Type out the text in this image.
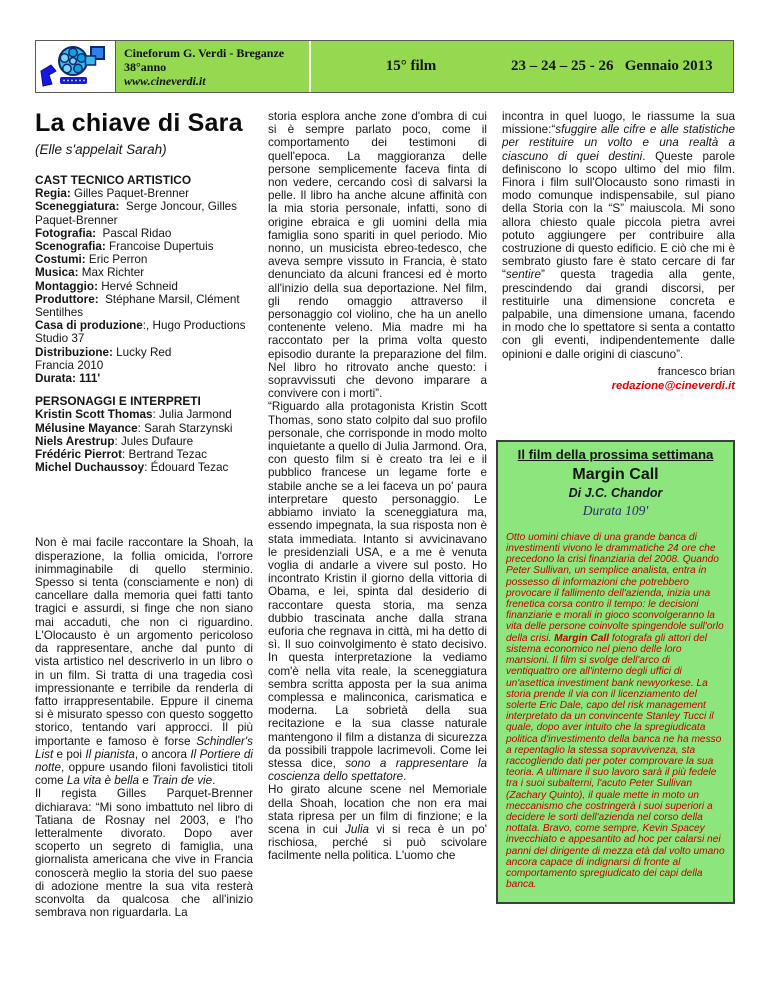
Cineforum G. Verdi - Breganze
38°anno
www.cineverdi.it
15° film	23 – 24 – 25 - 26   Gennaio 2013
La chiave di Sara
(Elle s'appelait Sarah)
CAST TECNICO ARTISTICO
Regia: Gilles Paquet-Brenner
Sceneggiatura:  Serge Joncour, Gilles Paquet-Brenner
Fotografia:  Pascal Ridao
Scenografia: Francoise Dupertuis
Costumi: Eric Perron
Musica: Max Richter
Montaggio: Hervé Schneid
Produttore:  Stéphane Marsil, Clément Sentilhes
Casa di produzione:, Hugo Productions Studio 37
Distribuzione: Lucky Red
Francia 2010
Durata: 111'
PERSONAGGI E INTERPRETI
Kristin Scott Thomas: Julia Jarmond
Mélusine Mayance: Sarah Starzynski
Niels Arestrup: Jules Dufaure
Frédéric Pierrot: Bertrand Tezac
Michel Duchaussoy: Édouard Tezac

Non è mai facile raccontare la Shoah, la disperazione, la follia omicida, l'orrore inimmaginabile di quello sterminio. Spesso si tenta (consciamente e non) di cancellare dalla memoria quei fatti tanto tragici e assurdi, si finge che non siano mai accaduti, che non ci riguardino. L'Olocausto è un argomento pericoloso da rappresentare, anche dal punto di vista artistico nel descriverlo in un libro o in un film. Si tratta di una tragedia così impressionante e terribile da renderla di fatto irrappresentabile. Eppure il cinema si è misurato spesso con questo soggetto storico, tentando vari approcci. Il più importante e famoso è forse Schindler's List e poi Il pianista, o ancora Il Portiere di notte, oppure usando filoni favolistici titoli come La vita è bella e Train de vie.

Il regista Gilles Parquet-Brenner dichiarava: “Mi sono imbattuto nel libro di Tatiana de Rosnay nel 2003, e l'ho letteralmente divorato. Dopo aver scoperto un segreto di famiglia, una giornalista americana che vive in Francia conoscerà meglio la storia del suo paese di adozione mentre la sua vita resterà sconvolta da qualcosa che all'inizio sembrava non riguardarla. La

storia esplora anche zone d'ombra di cui si è sempre parlato poco, come il comportamento dei testimoni di quell'epoca. La maggioranza delle persone semplicemente faceva finta di non vedere, cercando così di salvarsi la pelle. Il libro ha anche alcune affinità con la mia storia personale, infatti, sono di origine ebraica e gli uomini della mia famiglia sono spariti in quel periodo. Mio nonno, un musicista ebreo-tedesco, che aveva sempre vissuto in Francia, è stato denunciato da alcuni francesi ed è morto all'inizio della sua deportazione. Nel film, gli rendo omaggio attraverso il personaggio col violino, che ha un anello contenente veleno. Mia madre mi ha raccontato per la prima volta questo episodio durante la preparazione del film. Nel libro ho ritrovato anche questo: i sopravvissuti che devono imparare a convivere con i morti”.

“Riguardo alla protagonista Kristin Scott Thomas, sono stato colpito dal suo profilo personale, che corrisponde in modo molto inquietante a quello di Julia Jarmond. Ora, con questo film si è creato tra lei e il pubblico francese un legame forte e stabile anche se a lei faceva un po' paura interpretare questo personaggio. Le abbiamo inviato la sceneggiatura ma, essendo impegnata, la sua risposta non è stata immediata. Intanto si avvicinavano le presidenziali USA, e a me è venuta voglia di andarle a vivere sul posto. Ho incontrato Kristin il giorno della vittoria di Obama, e lei, spinta dal desiderio di raccontare questa storia, ma senza dubbio trascinata anche dalla strana euforia che regnava in città, mi ha detto di sì. Il suo coinvolgimento è stato decisivo. In questa interpretazione la vediamo com'è nella vita reale, la sceneggiatura sembra scritta apposta per la sua anima complessa e malinconica, carismatica e moderna. La sobrietà della sua recitazione e la sua classe naturale mantengono il film a distanza di sicurezza da possibili trappole lacrimevoli. Come lei stessa dice, sono a rappresentare la coscienza dello spettatore.

Ho girato alcune scene nel Memoriale della Shoah, location che non era mai stata ripresa per un film di finzione; e la scena in cui Julia vi si reca è un po' rischiosa, perché si può scivolare facilmente nella politica. L'uomo che

incontra in quel luogo, le riassume la sua missione:“sfuggire alle cifre e alle statistiche per restituire un volto e una realtà a ciascuno di quei destini. Queste parole definiscono lo scopo ultimo del mio film. Finora i film sull'Olocausto sono rimasti in modo comunque indispensabile, sul piano della Storia con la “S” maiuscola. Mi sono allora chiesto quale piccola pietra avrei potuto aggiungere per contribuire alla costruzione di questo edificio. E ciò che mi è sembrato giusto fare è stato cercare di far “sentire” questa tragedia alla gente, prescindendo dai grandi discorsi, per restituirle una dimensione concreta e palpabile, una dimensione umana, facendo in modo che lo spettatore si senta a contatto con gli eventi, indipendentemente dalle opinioni e dalle origini di ciascuno”.

francesco brian
redazione@cineverdi.it
Il film della prossima settimana
Margin Call
Di J.C. Chandor
Durata 109'

Otto uomini chiave di una grande banca di investimenti vivono le drammatiche 24 ore che precedono la crisi finanziaria del 2008. Quando Peter Sullivan, un semplice analista, entra in possesso di informazioni che potrebbero provocare il fallimento dell'azienda, inizia una frenetica corsa contro il tempo: le decisioni finanziarie e morali in gioco sconvolgeranno la vita delle persone coinvolte spingendole sull'orlo della crisi. Margin Call fotografa gli attori del sistema economico nel pieno delle loro mansioni. Il film si svolge dell'arco di ventiquattro ore all'interno degli uffici di un'asettica investiment bank newyorkese. La storia prende il via con il licenziamento del solerte Eric Dale, capo del risk management interpretato da un convincente Stanley Tucci il quale, dopo aver intuito che la spregiudicata politica d'investimento della banca ne ha messo a repentaglio la stessa sopravvivenza, sta raccogliendo dati per poter comprovare la sua teoria. A ultimare il suo lavoro sarà il più fedele tra i suoi subalterni, l'acuto Peter Sullivan (Zachary Quinto), il quale mette in moto un meccanismo che costringerà i suoi superiori a decidere le sorti dell'azienda nel corso della nottata. Bravo, come sempre, Kevin Spacey invecchiato e appesantito ad hoc per calarsi nei panni del dirigente di mezza età dal volto umano ancora capace di indignarsi di fronte al comportamento spregiudicato dei capi della banca.
